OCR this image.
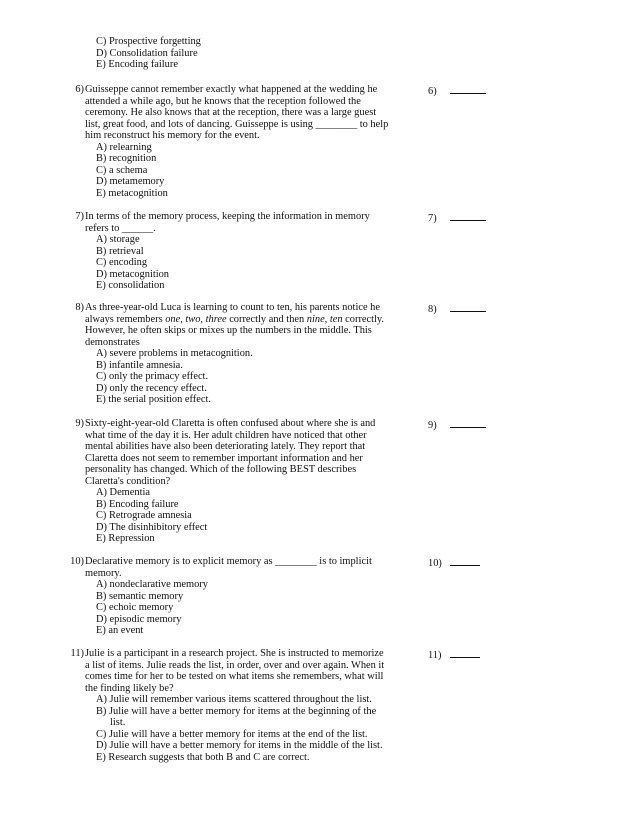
C) Prospective forgetting
D) Consolidation failure
E) Encoding failure
6) Guisseppe cannot remember exactly what happened at the wedding he
attended a while ago, but he knows that the reception followed the
ceremony. He also knows that at the reception, there was a large guest
list, great food, and lots of dancing. Guisseppe is using ________ to help
him reconstruct his memory for the event.
A) relearning
B) recognition
C) a schema
D) metamemory
E) metacognition
6)
7) In terms of the memory process, keeping the information in memory
refers to ______.
A) storage
B) retrieval
C) encoding
D) metacognition
E) consolidation
7)
8) As three-year-old Luca is learning to count to ten, his parents notice he
always remembers one, two, three correctly and then nine, ten correctly.
However, he often skips or mixes up the numbers in the middle. This
demonstrates
A) severe problems in metacognition.
B) infantile amnesia.
C) only the primacy effect.
D) only the recency effect.
E) the serial position effect.
8)
9) Sixty-eight-year-old Claretta is often confused about where she is and
what time of the day it is. Her adult children have noticed that other
mental abilities have also been deteriorating lately. They report that
Claretta does not seem to remember important information and her
personality has changed. Which of the following BEST describes
Claretta's condition?
A) Dementia
B) Encoding failure
C) Retrograde amnesia
D) The disinhibitory effect
E) Repression
9)
10) Declarative memory is to explicit memory as ________ is to implicit
memory.
A) nondeclarative memory
B) semantic memory
C) echoic memory
D) episodic memory
E) an event
10)
11) Julie is a participant in a research project. She is instructed to memorize
a list of items. Julie reads the list, in order, over and over again. When it
comes time for her to be tested on what items she remembers, what will
the finding likely be?
A) Julie will remember various items scattered throughout the list.
B) Julie will have a better memory for items at the beginning of the
list.
C) Julie will have a better memory for items at the end of the list.
D) Julie will have a better memory for items in the middle of the list.
E) Research suggests that both B and C are correct.
11)
